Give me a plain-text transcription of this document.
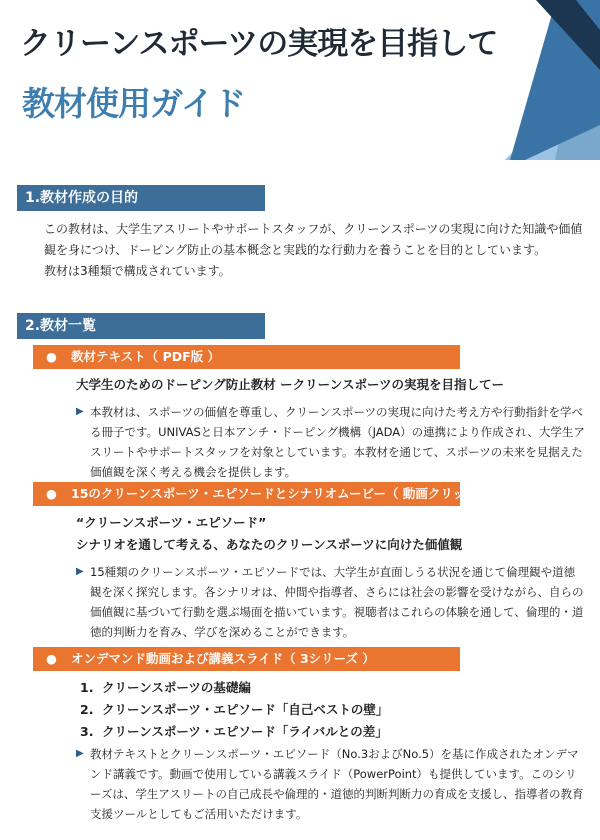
クリーンスポーツの実現を目指して
教材使用ガイド
1.教材作成の目的

この教材は、大学生アスリートやサポートスタッフが、クリーンスポーツの実現に向けた知識や価値観を身につけ、ドーピング防止の基本概念と実践的な行動力を養うことを目的としています。

教材は3種類で構成されています。

2.教材一覧
● 教材テキスト（ PDF版 ）
大学生のためのドーピング防止教材 ークリーンスポーツの実現を目指してー
▶ 本教材は、スポーツの価値を尊重し、クリーンスポーツの実現に向けた考え方や行動指針を学べる冊子です。UNIVASと日本アンチ・ドーピング機構（JADA）の連携により作成され、大学生アスリートやサポートスタッフを対象としています。本教材を通じて、スポーツの未来を見据えた価値観を深く考える機会を提供します。
● 15のクリーンスポーツ・エピソードとシナリオムービー（ 動画クリップ ）
“クリーンスポーツ・エピソード”
シナリオを通して考える、あなたのクリーンスポーツに向けた価値観
▶ 15種類のクリーンスポーツ・エピソードでは、大学生が直面しうる状況を通じて倫理観や道徳観を深く探究します。各シナリオは、仲間や指導者、さらには社会の影響を受けながら、自らの価値観に基づいて行動を選ぶ場面を描いています。視聴者はこれらの体験を通して、倫理的・道徳的判断力を育み、学びを深めることができます。
● オンデマンド動画および講義スライド（ 3シリーズ ）
1. クリーンスポーツの基礎編
2. クリーンスポーツ・エピソード「自己ベストの壁」
3. クリーンスポーツ・エピソード「ライバルとの差」
▶ 教材テキストとクリーンスポーツ・エピソード（No.3およびNo.5）を基に作成されたオンデマンド講義です。動画で使用している講義スライド（PowerPoint）も提供しています。このシリーズは、学生アスリートの自己成長や倫理的・道徳的判断判断力の育成を支援し、指導者の教育支援ツールとしてもご活用いただけます。
